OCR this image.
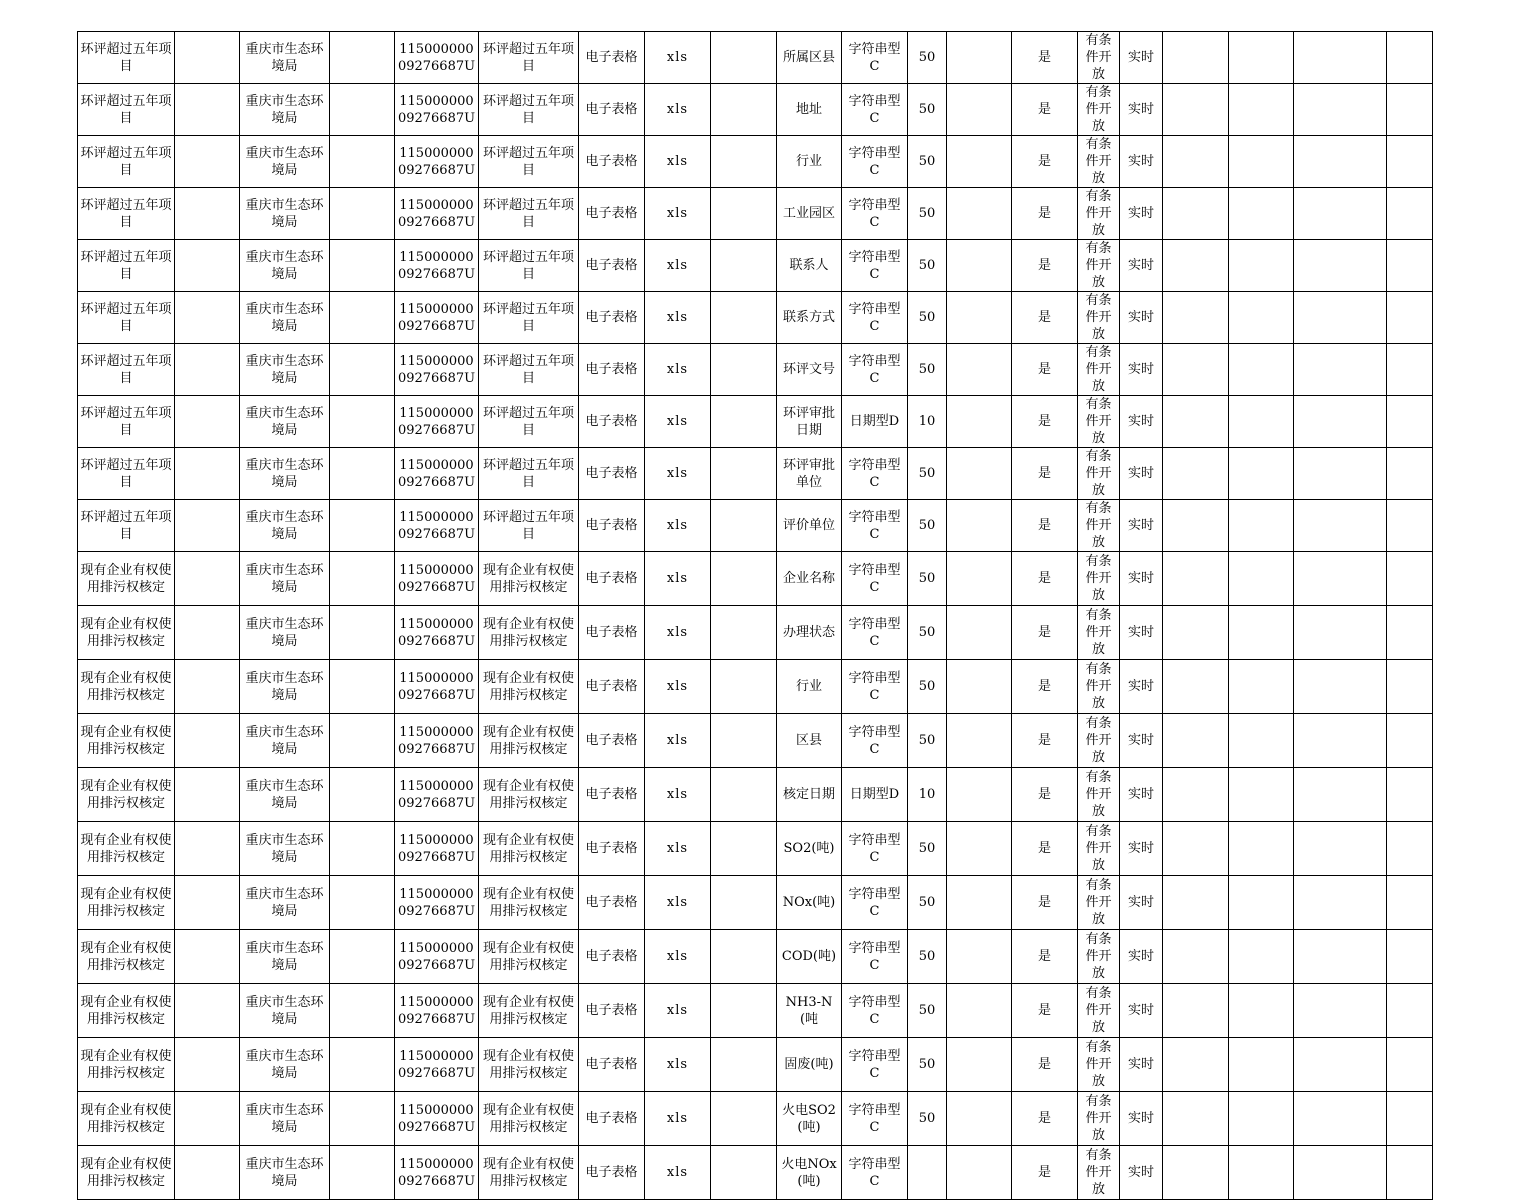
环评超过五年项目		重庆市生态环境局		11500000009276687U	环评超过五年项目	电子表格	xls		所属区县	字符串型C	50		是	有条件开放	实时				
环评超过五年项目		重庆市生态环境局		11500000009276687U	环评超过五年项目	电子表格	xls		地址	字符串型C	50		是	有条件开放	实时				
环评超过五年项目		重庆市生态环境局		11500000009276687U	环评超过五年项目	电子表格	xls		行业	字符串型C	50		是	有条件开放	实时				
环评超过五年项目		重庆市生态环境局		11500000009276687U	环评超过五年项目	电子表格	xls		工业园区	字符串型C	50		是	有条件开放	实时				
环评超过五年项目		重庆市生态环境局		11500000009276687U	环评超过五年项目	电子表格	xls		联系人	字符串型C	50		是	有条件开放	实时				
环评超过五年项目		重庆市生态环境局		11500000009276687U	环评超过五年项目	电子表格	xls		联系方式	字符串型C	50		是	有条件开放	实时				
环评超过五年项目		重庆市生态环境局		11500000009276687U	环评超过五年项目	电子表格	xls		环评文号	字符串型C	50		是	有条件开放	实时				
环评超过五年项目		重庆市生态环境局		11500000009276687U	环评超过五年项目	电子表格	xls		环评审批日期	日期型D	10		是	有条件开放	实时				
环评超过五年项目		重庆市生态环境局		11500000009276687U	环评超过五年项目	电子表格	xls		环评审批单位	字符串型C	50		是	有条件开放	实时				
环评超过五年项目		重庆市生态环境局		11500000009276687U	环评超过五年项目	电子表格	xls		评价单位	字符串型C	50		是	有条件开放	实时				
现有企业有权使用排污权核定		重庆市生态环境局		11500000009276687U	现有企业有权使用排污权核定	电子表格	xls		企业名称	字符串型C	50		是	有条件开放	实时				
现有企业有权使用排污权核定		重庆市生态环境局		11500000009276687U	现有企业有权使用排污权核定	电子表格	xls		办理状态	字符串型C	50		是	有条件开放	实时				
现有企业有权使用排污权核定		重庆市生态环境局		11500000009276687U	现有企业有权使用排污权核定	电子表格	xls		行业	字符串型C	50		是	有条件开放	实时				
现有企业有权使用排污权核定		重庆市生态环境局		11500000009276687U	现有企业有权使用排污权核定	电子表格	xls		区县	字符串型C	50		是	有条件开放	实时				
现有企业有权使用排污权核定		重庆市生态环境局		11500000009276687U	现有企业有权使用排污权核定	电子表格	xls		核定日期	日期型D	10		是	有条件开放	实时				
现有企业有权使用排污权核定		重庆市生态环境局		11500000009276687U	现有企业有权使用排污权核定	电子表格	xls		SO2(吨)	字符串型C	50		是	有条件开放	实时				
现有企业有权使用排污权核定		重庆市生态环境局		11500000009276687U	现有企业有权使用排污权核定	电子表格	xls		NOx(吨)	字符串型C	50		是	有条件开放	实时				
现有企业有权使用排污权核定		重庆市生态环境局		11500000009276687U	现有企业有权使用排污权核定	电子表格	xls		COD(吨)	字符串型C	50		是	有条件开放	实时				
现有企业有权使用排污权核定		重庆市生态环境局		11500000009276687U	现有企业有权使用排污权核定	电子表格	xls		NH3-N(吨	字符串型C	50		是	有条件开放	实时				
现有企业有权使用排污权核定		重庆市生态环境局		11500000009276687U	现有企业有权使用排污权核定	电子表格	xls		固废(吨)	字符串型C	50		是	有条件开放	实时				
现有企业有权使用排污权核定		重庆市生态环境局		11500000009276687U	现有企业有权使用排污权核定	电子表格	xls		火电SO2(吨)	字符串型C	50		是	有条件开放	实时				
现有企业有权使用排污权核定		重庆市生态环境局		11500000009276687U	现有企业有权使用排污权核定	电子表格	xls		火电NOx(吨)	字符串型C			是	有条件开放	实时				
